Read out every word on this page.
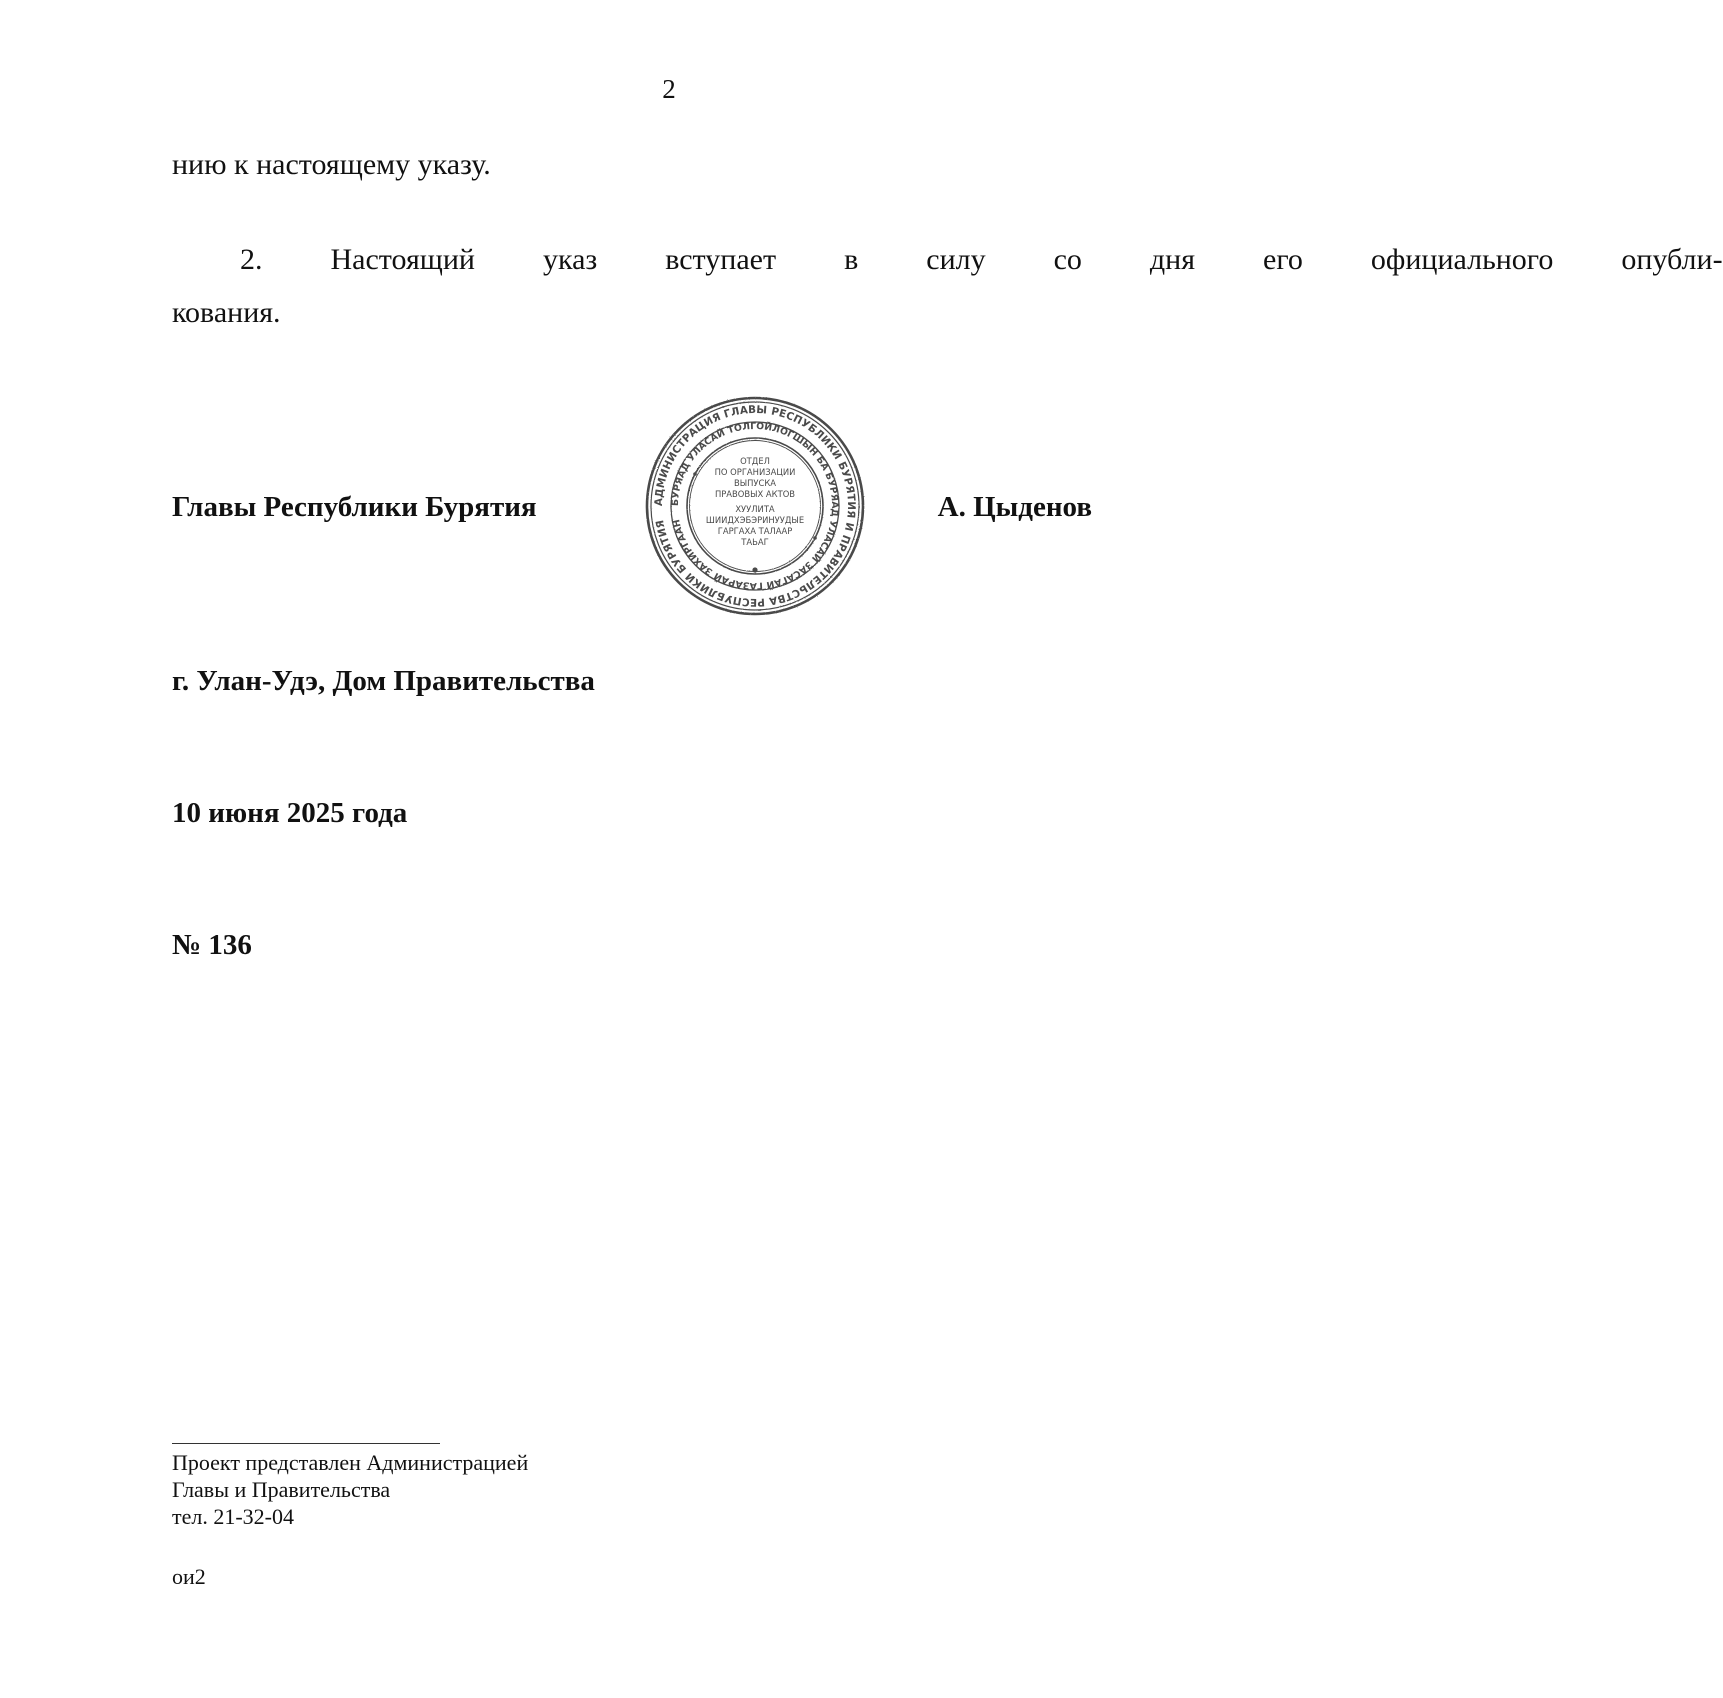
2
нию к настоящему указу.
2.	Настоящий	указ	вступает	в	силу	со	дня	его	официального	опубли-
кования.
Главы Республики Бурятия	АДМИНИСТРАЦИЯ ГЛАВЫ РЕСПУБЛИКИ БУРЯТИЯ И ПРАВИТЕЛЬСТВА РЕСПУБЛИКИ БУРЯТИЯ
БУРЯАД УЛАСАЙ ТОЛГОЙЛОГШЫН БА БУРЯАД УЛАСАЙ ЗАСАГАЙ ГАЗАРАЙ ЗАХИРГААН
ОТДЕЛ
ПО ОРГАНИЗАЦИИ
ВЫПУСКА
ПРАВОВЫХ АКТОВ
ХУУЛИТА
ШИИДХЭБЭРИНУУДЫЕ
ГАРГАХА ТАЛААР
ТАЬАГ
А. Цыденов
г. Улан-Удэ, Дом Правительства
10 июня 2025 года
№ 136
Проект представлен Администрацией
Главы и Правительства
тел. 21-32-04
ои2
